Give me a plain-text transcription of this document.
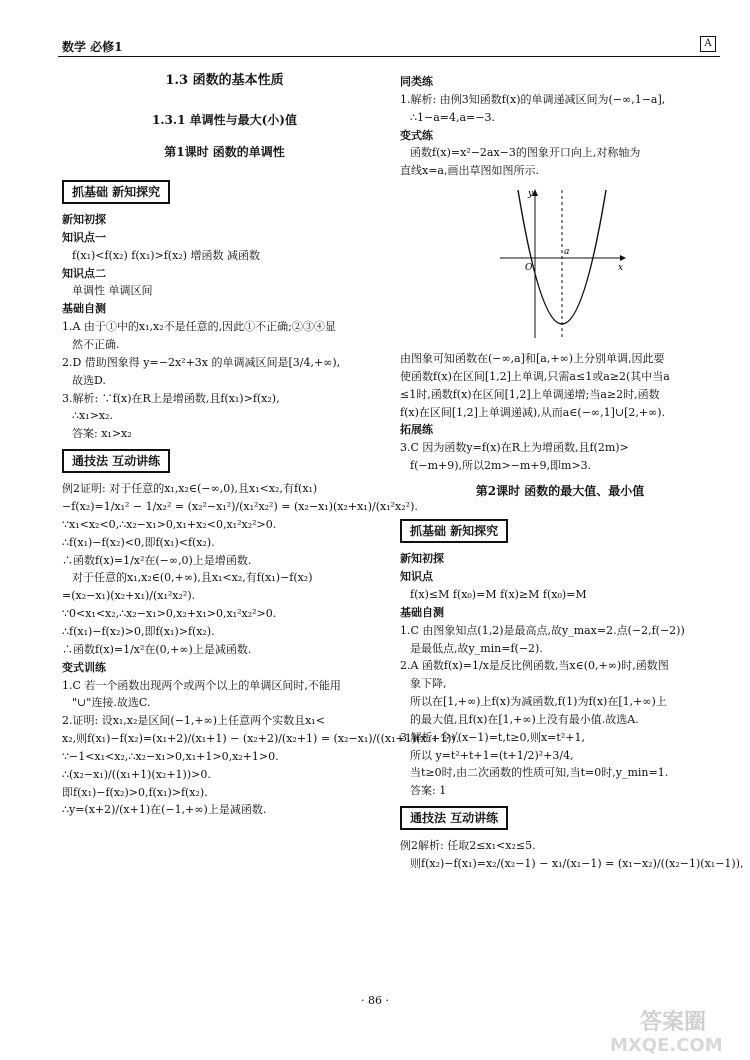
数学 必修1	A
1.3 函数的基本性质
1.3.1 单调性与最大(小)值
第1课时 函数的单调性
抓基础 新知探究
新知初探
知识点一
f(x₁)<f(x₂) f(x₁)>f(x₂) 增函数 减函数
知识点二
单调性 单调区间
基础自测
1.A 由于①中的x₁,x₂不是任意的,因此①不正确;②③④显
然不正确.
2.D 借助图象得 y=−2x²+3x 的单调减区间是[3/4,+∞),
故选D.
3.解析: ∵f(x)在R上是增函数,且f(x₁)>f(x₂),
∴x₁>x₂.
答案: x₁>x₂
通技法 互动讲练
例2证明: 对于任意的x₁,x₂∈(−∞,0),且x₁<x₂,有f(x₁)
−f(x₂)=1/x₁² − 1/x₂² = (x₂²−x₁²)/(x₁²x₂²) = (x₂−x₁)(x₂+x₁)/(x₁²x₂²).
∵x₁<x₂<0,∴x₂−x₁>0,x₁+x₂<0,x₁²x₂²>0.
∴f(x₁)−f(x₂)<0,即f(x₁)<f(x₂).
∴函数f(x)=1/x²在(−∞,0)上是增函数.
对于任意的x₁,x₂∈(0,+∞),且x₁<x₂,有f(x₁)−f(x₂)
=(x₂−x₁)(x₂+x₁)/(x₁²x₂²).
∵0<x₁<x₂,∴x₂−x₁>0,x₂+x₁>0,x₁²x₂²>0.
∴f(x₁)−f(x₂)>0,即f(x₁)>f(x₂).
∴函数f(x)=1/x²在(0,+∞)上是减函数.
变式训练
1.C 若一个函数出现两个或两个以上的单调区间时,不能用
"∪"连接.故选C.
2.证明: 设x₁,x₂是区间(−1,+∞)上任意两个实数且x₁<
x₂,则f(x₁)−f(x₂)=(x₁+2)/(x₁+1) − (x₂+2)/(x₂+1) = (x₂−x₁)/((x₁+1)(x₂+1)).
∵−1<x₁<x₂,∴x₂−x₁>0,x₁+1>0,x₂+1>0.
∴(x₂−x₁)/((x₁+1)(x₂+1))>0.
即f(x₁)−f(x₂)>0,f(x₁)>f(x₂).
∴y=(x+2)/(x+1)在(−1,+∞)上是减函数.
同类练
1.解析: 由例3知函数f(x)的单调递减区间为(−∞,1−a],
∴1−a=4,a=−3.
变式练
函数f(x)=x²−2ax−3的图象开口向上,对称轴为
直线x=a,画出草图如图所示.
y
x
O
a
由图象可知函数在(−∞,a]和[a,+∞)上分别单调,因此要
使函数f(x)在区间[1,2]上单调,只需a≤1或a≥2(其中当a
≤1时,函数f(x)在区间[1,2]上单调递增;当a≥2时,函数
f(x)在区间[1,2]上单调递减),从而a∈(−∞,1]∪[2,+∞).
拓展练
3.C 因为函数y=f(x)在R上为增函数,且f(2m)>
f(−m+9),所以2m>−m+9,即m>3.
第2课时 函数的最大值、最小值
抓基础 新知探究
新知初探
知识点
f(x)≤M f(x₀)=M f(x)≥M f(x₀)=M
基础自测
1.C 由图象知点(1,2)是最高点,故y_max=2.点(−2,f(−2))
是最低点,故y_min=f(−2).
2.A 函数f(x)=1/x是反比例函数,当x∈(0,+∞)时,函数图
象下降,
所以在[1,+∞)上f(x)为减函数,f(1)为f(x)在[1,+∞)上
的最大值,且f(x)在[1,+∞)上没有最小值.故选A.
3.解析: 令√(x−1)=t,t≥0,则x=t²+1,
所以 y=t²+t+1=(t+1/2)²+3/4,
当t≥0时,由二次函数的性质可知,当t=0时,y_min=1.
答案: 1
通技法 互动讲练
例2解析: 任取2≤x₁<x₂≤5.
则f(x₂)−f(x₁)=x₂/(x₂−1) − x₁/(x₁−1) = (x₁−x₂)/((x₂−1)(x₁−1)),
· 86 ·
答案圈
MXQE.COM
